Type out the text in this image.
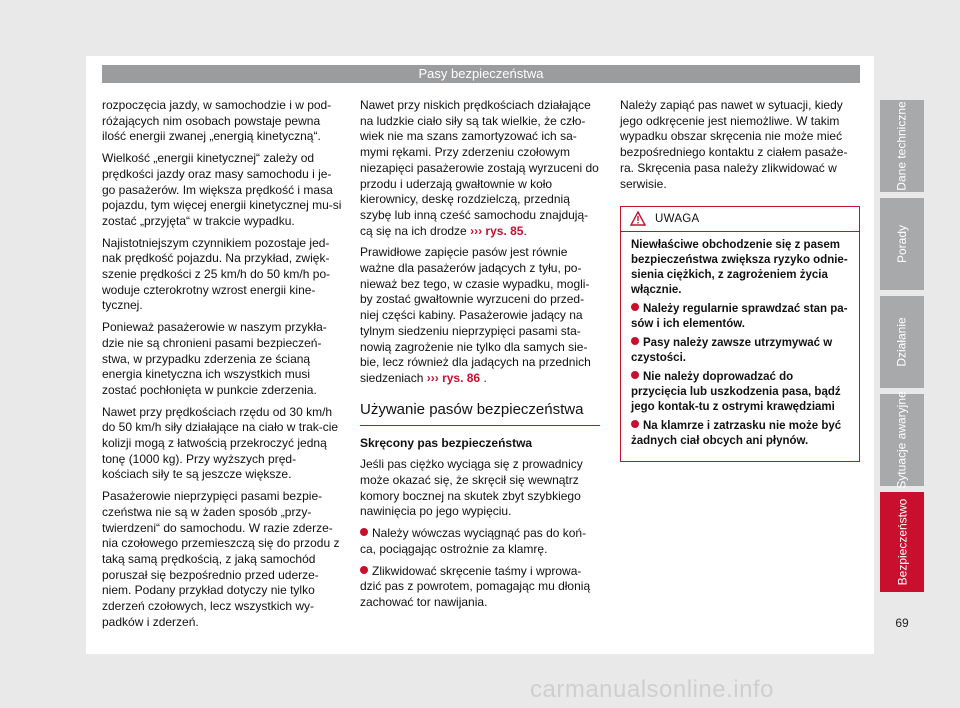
Pasy bezpieczeństwa

rozpoczęcia jazdy, w samochodzie i w pod-różających nim osobach powstaje pewna ilość energii zwanej „energią kinetyczną“.

Wielkość „energii kinetycznej“ zależy od prędkości jazdy oraz masy samochodu i je-go pasażerów. Im większa prędkość i masa pojazdu, tym więcej energii kinetycznej mu-si zostać „przyjęta“ w trakcie wypadku.

Najistotniejszym czynnikiem pozostaje jed-nak prędkość pojazdu. Na przykład, zwięk-szenie prędkości z 25 km/h do 50 km/h po-woduje czterokrotny wzrost energii kine-tycznej.

Ponieważ pasażerowie w naszym przykła-dzie nie są chronieni pasami bezpieczeń-stwa, w przypadku zderzenia ze ścianą energia kinetyczna ich wszystkich musi zostać pochłonięta w punkcie zderzenia.

Nawet przy prędkościach rzędu od 30 km/h do 50 km/h siły działające na ciało w trak-cie kolizji mogą z łatwością przekroczyć jedną tonę (1000 kg). Przy wyższych pręd-kościach siły te są jeszcze większe.

Pasażerowie nieprzypięci pasami bezpie-czeństwa nie są w żaden sposób „przy-twierdzeni“ do samochodu. W razie zderze-nia czołowego przemieszczą się do przodu z taką samą prędkością, z jaką samochód poruszał się bezpośrednio przed uderze-niem. Podany przykład dotyczy nie tylko zderzeń czołowych, lecz wszystkich wy-padków i zderzeń.

Nawet przy niskich prędkościach działające na ludzkie ciało siły są tak wielkie, że czło-wiek nie ma szans zamortyzować ich sa-mymi rękami. Przy zderzeniu czołowym niezapięci pasażerowie zostają wyrzuceni do przodu i uderzają gwałtownie w koło kierownicy, deskę rozdzielczą, przednią szybę lub inną cześć samochodu znajdują-cą się na ich drodze ››› rys. 85.

Prawidłowe zapięcie pasów jest równie ważne dla pasażerów jadących z tyłu, po-nieważ bez tego, w czasie wypadku, mogli-by zostać gwałtownie wyrzuceni do przed-niej części kabiny. Pasażerowie jadący na tylnym siedzeniu nieprzypięci pasami sta-nowią zagrożenie nie tylko dla samych sie-bie, lecz również dla jadących na przednich siedzeniach ››› rys. 86 .

Używanie pasów bezpieczeństwa

Skręcony pas bezpieczeństwa

Jeśli pas ciężko wyciąga się z prowadnicy może okazać się, że skręcił się wewnątrz komory bocznej na skutek zbyt szybkiego nawinięcia po jego wypięciu.

Należy wówczas wyciągnąć pas do koń-ca, pociągając ostrożnie za klamrę.

Zlikwidować skręcenie taśmy i wprowa-dzić pas z powrotem, pomagając mu dłonią zachować tor nawijania.

Należy zapiąć pas nawet w sytuacji, kiedy jego odkręcenie jest niemożliwe. W takim wypadku obszar skręcenia nie może mieć bezpośredniego kontaktu z ciałem pasaże-ra. Skręcenia pasa należy zlikwidować w serwisie.

UWAGA

Niewłaściwe obchodzenie się z pasem bezpieczeństwa zwiększa ryzyko odnie-sienia ciężkich, z zagrożeniem życia włącznie.

Należy regularnie sprawdzać stan pa-sów i ich elementów.

Pasy należy zawsze utrzymywać w czystości.

Nie należy doprowadzać do przycięcia lub uszkodzenia pasa, bądź jego kontak-tu z ostrymi krawędziami

Na klamrze i zatrzasku nie może być żadnych ciał obcych ani płynów.

Dane techniczne
Porady
Działanie
Sytuacje awaryjne
Bezpieczeństwo
69
carmanualsonline.info
